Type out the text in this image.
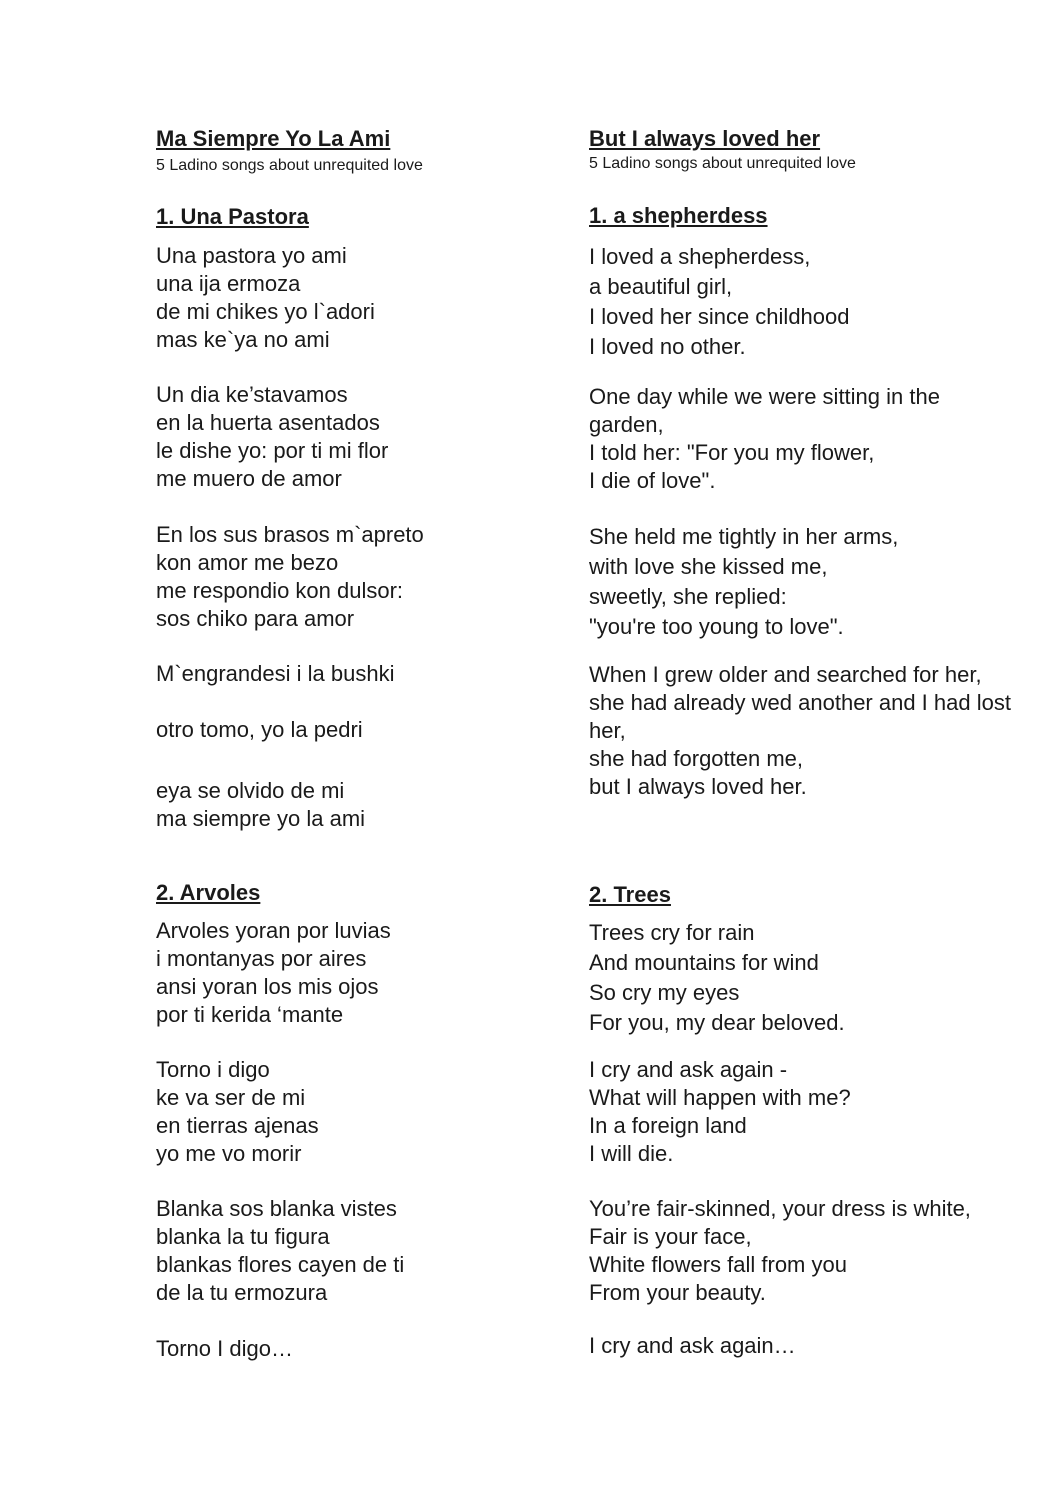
Ma Siempre Yo La Ami
5 Ladino songs about unrequited love
1. Una Pastora
Una pastora yo ami
una ija ermoza
de mi chikes yo l`adori
mas ke`ya no ami
Un dia ke’stavamos
en la huerta asentados
le dishe yo: por ti mi flor
me muero de amor
En los sus brasos m`apreto
kon amor me bezo
me respondio kon dulsor:
sos chiko para amor
M`engrandesi i la bushki
otro tomo, yo la pedri
eya se olvido de mi
ma siempre yo la ami
2. Arvoles
Arvoles yoran por luvias
i montanyas por aires
ansi yoran los mis ojos
por ti kerida ‘mante
Torno i digo
ke va ser de mi
en tierras ajenas
yo me vo morir
Blanka sos blanka vistes
blanka la tu figura
blankas flores cayen de ti
de la tu ermozura
Torno I digo…
But I always loved her
5 Ladino songs about unrequited love
1. a shepherdess
I loved a shepherdess,
a beautiful girl,
I loved her since childhood
I loved no other.
One day while we were sitting in the garden,
I told her: "For you my flower,
I die of love".
She held me tightly in her arms,
with love she kissed me,
sweetly, she replied:
"you're too young to love".
When I grew older and searched for her,
she had already wed another and I had lost her,
she had forgotten me,
but I always loved her.
2. Trees
Trees cry for rain
And mountains for wind
So cry my eyes
For you, my dear beloved.
I cry and ask again -
What will happen with me?
In a foreign land
I will die.
You’re fair-skinned, your dress is white,
Fair is your face,
White flowers fall from you
From your beauty.
I cry and ask again…
